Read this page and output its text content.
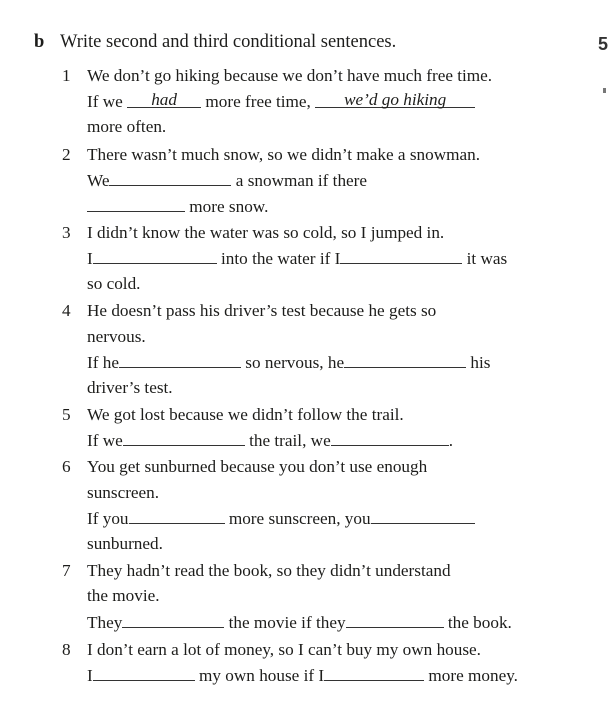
b Write second and third conditional sentences.	5
1 We don’t go hiking because we don’t have much free time.
If we had more free time, we’d go hiking
more often.
2 There wasn’t much snow, so we didn’t make a snowman.
We	a snowman if there
more snow.
3 I didn’t know the water was so cold, so I jumped in.
I	into the water if I	it was
so cold.
4 He doesn’t pass his driver’s test because he gets so
nervous.
If he	so nervous, he	his
driver’s test.
5 We got lost because we didn’t follow the trail.
If we	the trail, we	.
6 You get sunburned because you don’t use enough
sunscreen.
If you	more sunscreen, you
sunburned.
7 They hadn’t read the book, so they didn’t understand
the movie.
They	the movie if they	the book.
8 I don’t earn a lot of money, so I can’t buy my own house.
I	my own house if I	more money.
